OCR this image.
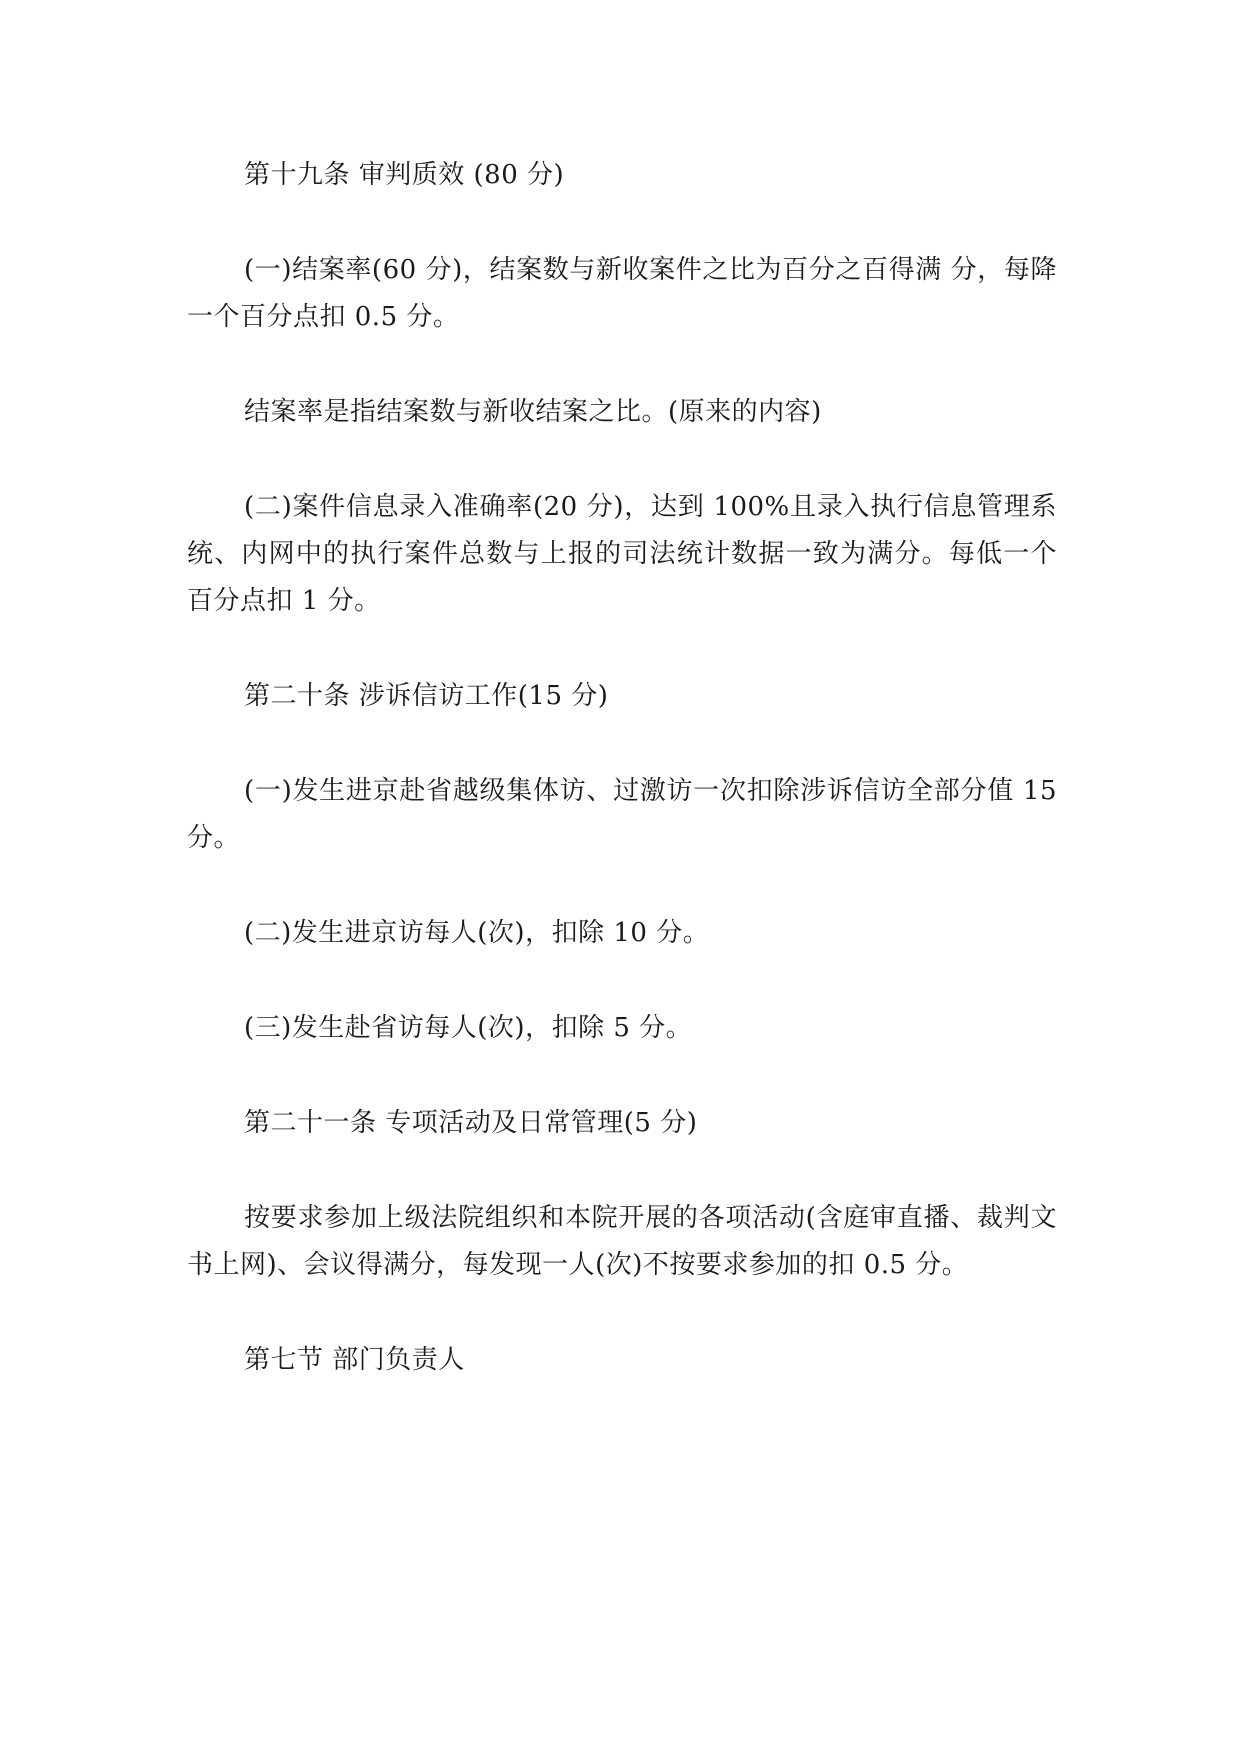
第十九条 审判质效 (80 分)

(一)结案率(60 分)，结案数与新收案件之比为百分之百得满 分，每降一个百分点扣 0.5 分。

结案率是指结案数与新收结案之比。(原来的内容)

(二)案件信息录入准确率(20 分)，达到 100%且录入执行信息管理系统、内网中的执行案件总数与上报的司法统计数据一致为满分。每低一个百分点扣 1 分。

第二十条 涉诉信访工作(15 分)

(一)发生进京赴省越级集体访、过激访一次扣除涉诉信访全部分值 15 分。

(二)发生进京访每人(次)，扣除 10 分。

(三)发生赴省访每人(次)，扣除 5 分。

第二十一条 专项活动及日常管理(5 分)

按要求参加上级法院组织和本院开展的各项活动(含庭审直播、裁判文书上网)、会议得满分，每发现一人(次)不按要求参加的扣 0.5 分。

第七节 部门负责人
